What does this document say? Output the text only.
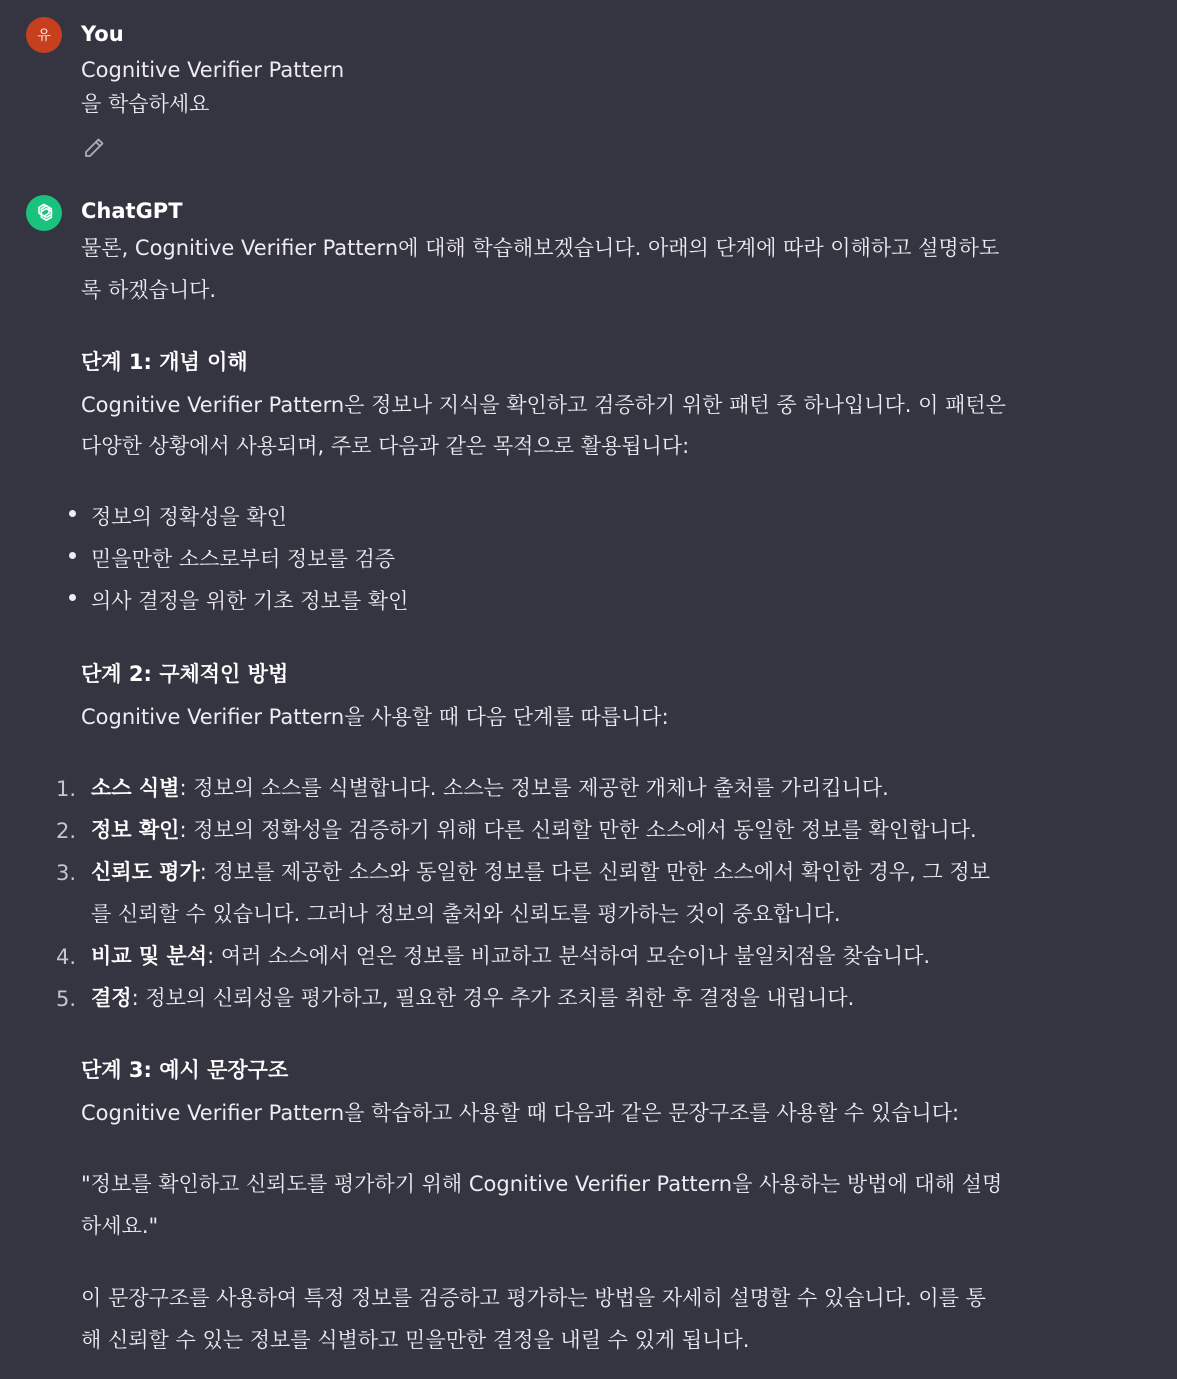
유 You
Cognitive Verifier Pattern
을 학습하세요
ChatGPT
물론, Cognitive Verifier Pattern에 대해 학습해보겠습니다. 아래의 단계에 따라 이해하고 설명하도
록 하겠습니다.
단계 1: 개념 이해
Cognitive Verifier Pattern은 정보나 지식을 확인하고 검증하기 위한 패턴 중 하나입니다. 이 패턴은
다양한 상황에서 사용되며, 주로 다음과 같은 목적으로 활용됩니다:
정보의 정확성을 확인
믿을만한 소스로부터 정보를 검증
의사 결정을 위한 기초 정보를 확인
단계 2: 구체적인 방법
Cognitive Verifier Pattern을 사용할 때 다음 단계를 따릅니다:
1. 소스 식별: 정보의 소스를 식별합니다. 소스는 정보를 제공한 개체나 출처를 가리킵니다.
2. 정보 확인: 정보의 정확성을 검증하기 위해 다른 신뢰할 만한 소스에서 동일한 정보를 확인합니다.
3. 신뢰도 평가: 정보를 제공한 소스와 동일한 정보를 다른 신뢰할 만한 소스에서 확인한 경우, 그 정보
를 신뢰할 수 있습니다. 그러나 정보의 출처와 신뢰도를 평가하는 것이 중요합니다.
4. 비교 및 분석: 여러 소스에서 얻은 정보를 비교하고 분석하여 모순이나 불일치점을 찾습니다.
5. 결정: 정보의 신뢰성을 평가하고, 필요한 경우 추가 조치를 취한 후 결정을 내립니다.
단계 3: 예시 문장구조
Cognitive Verifier Pattern을 학습하고 사용할 때 다음과 같은 문장구조를 사용할 수 있습니다:
"정보를 확인하고 신뢰도를 평가하기 위해 Cognitive Verifier Pattern을 사용하는 방법에 대해 설명
하세요."
이 문장구조를 사용하여 특정 정보를 검증하고 평가하는 방법을 자세히 설명할 수 있습니다. 이를 통
해 신뢰할 수 있는 정보를 식별하고 믿을만한 결정을 내릴 수 있게 됩니다.
